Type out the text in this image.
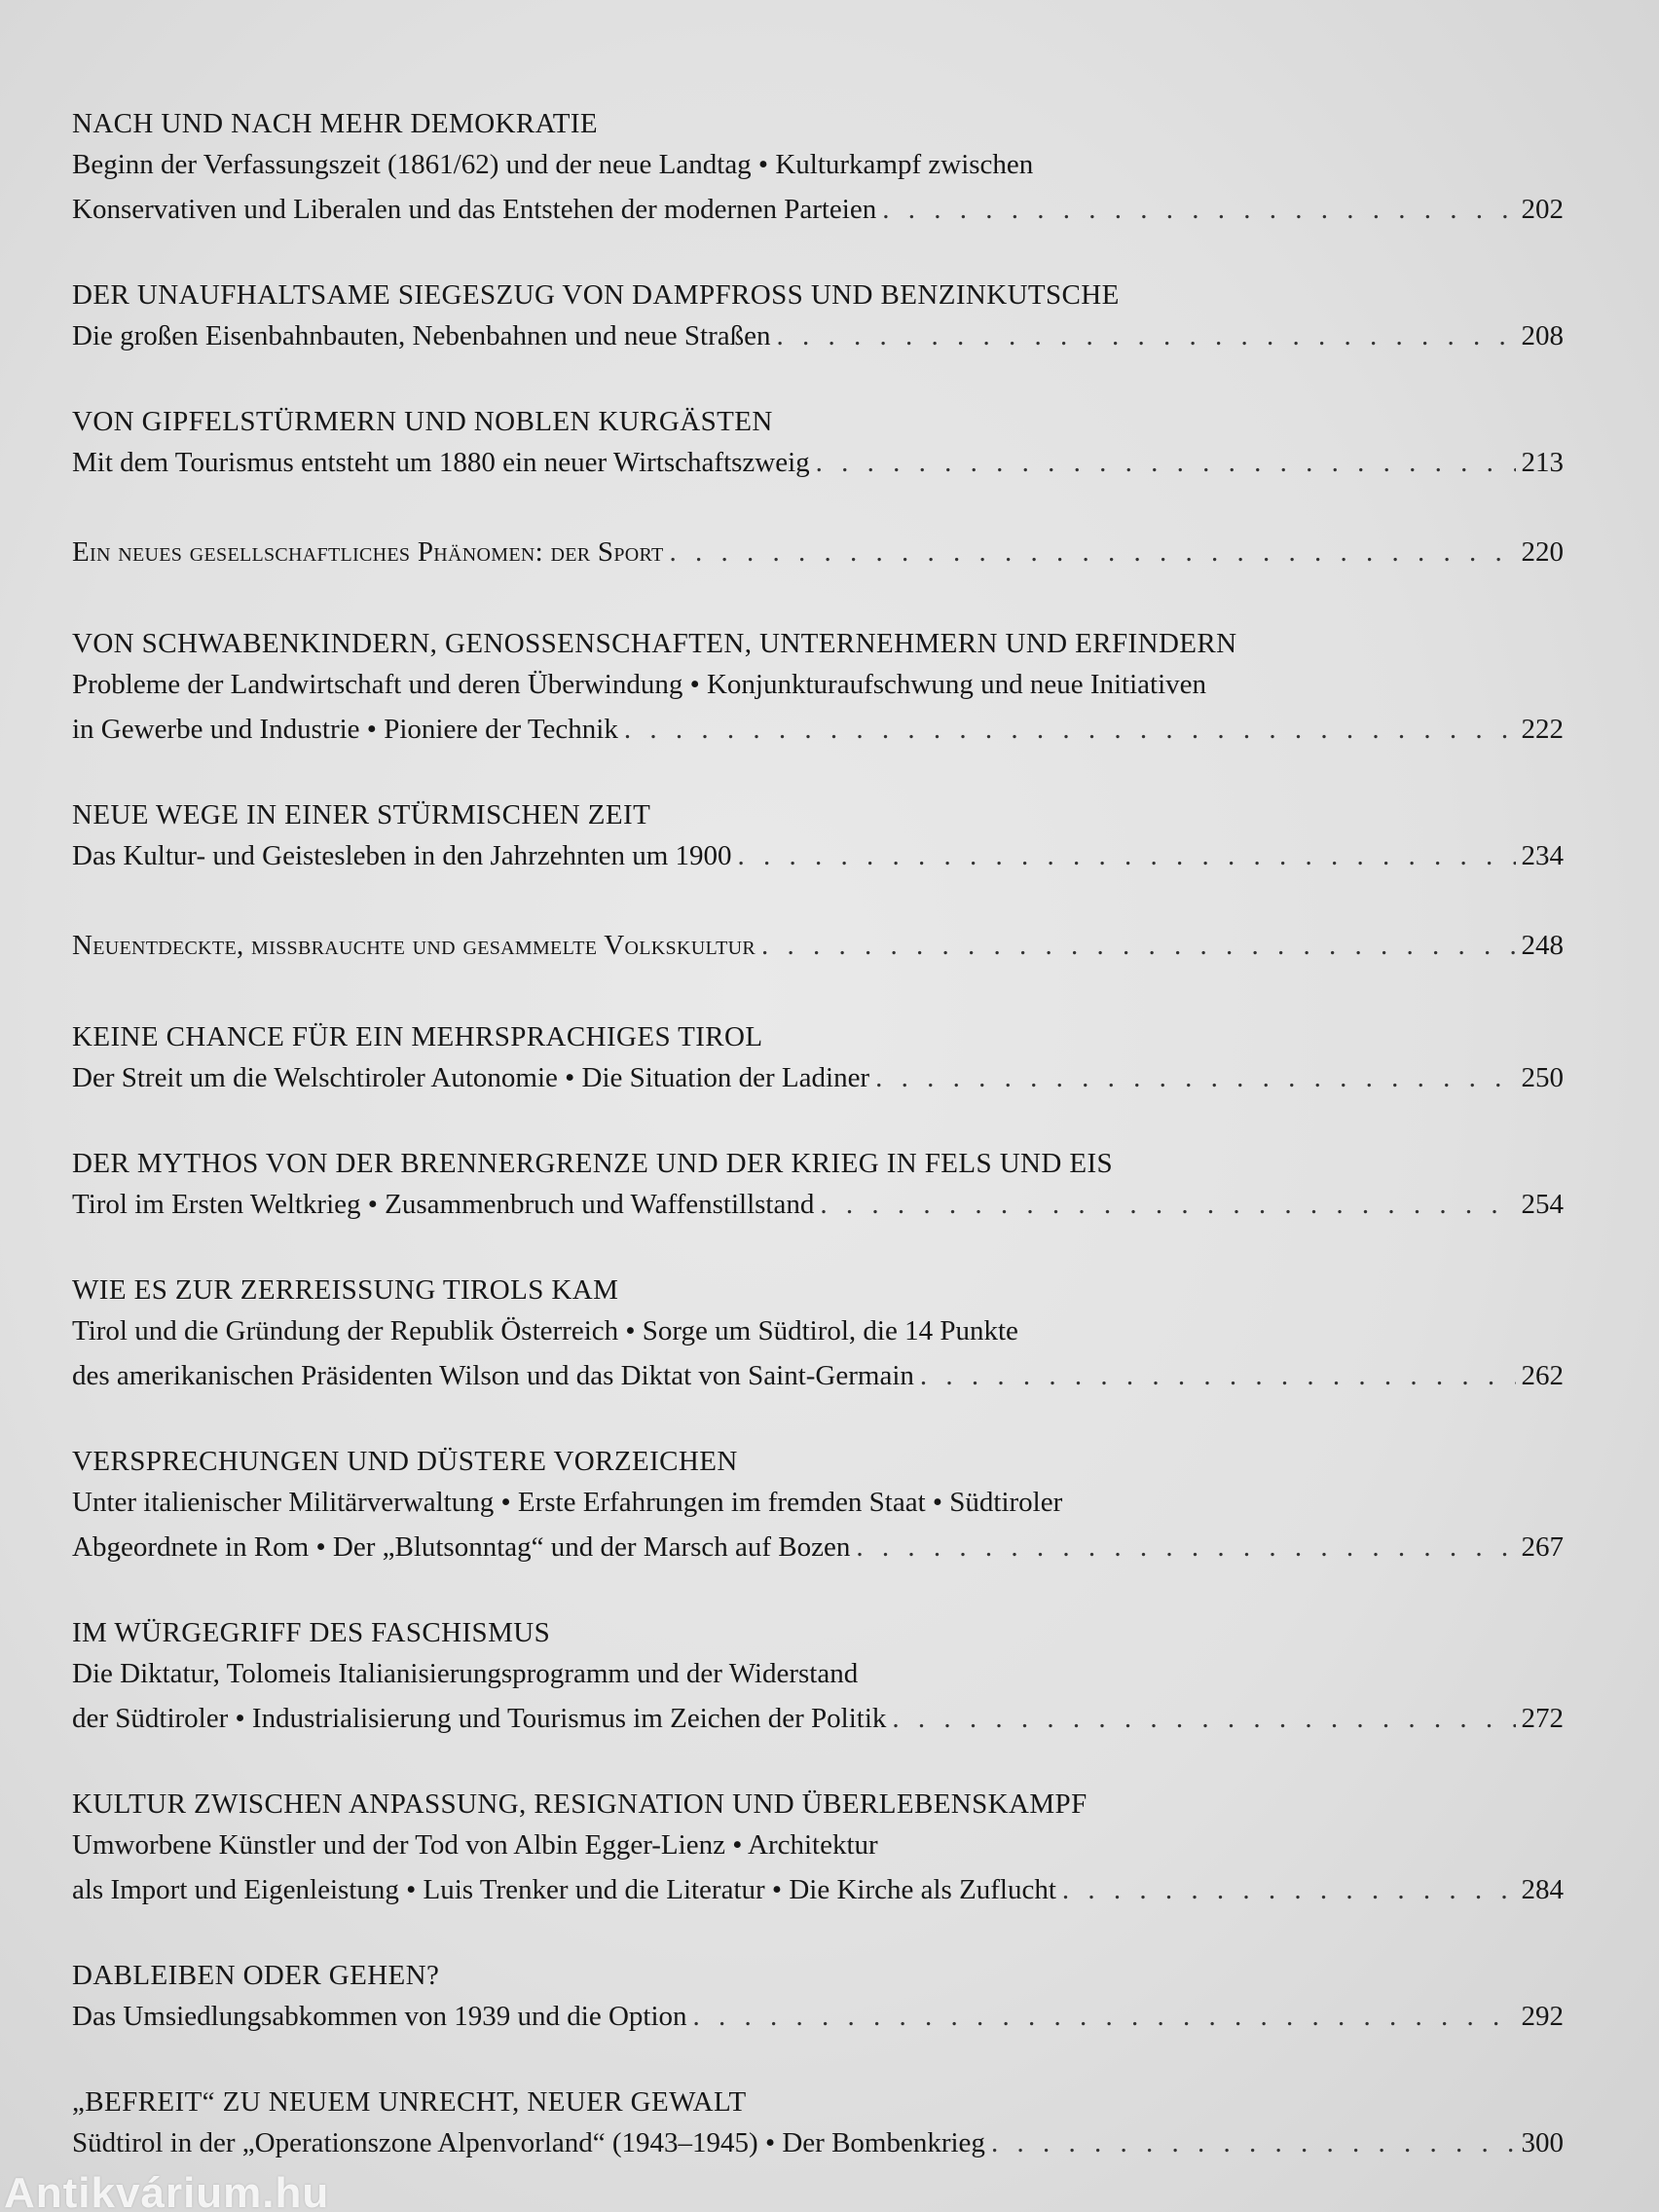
NACH UND NACH MEHR DEMOKRATIE

Beginn der Verfassungszeit (1861/62) und der neue Landtag • Kulturkampf zwischen

Konservativen und Liberalen und das Entstehen der modernen Parteien . . .	202

DER UNAUFHALTSAME SIEGESZUG VON DAMPFROSS UND BENZINKUTSCHE

Die großen Eisenbahnbauten, Nebenbahnen und neue Straßen . . .	208

VON GIPFELSTÜRMERN UND NOBLEN KURGÄSTEN

Mit dem Tourismus entsteht um 1880 ein neuer Wirtschaftszweig . . .	213
Ein neues gesellschaftliches Phänomen: der Sport . . .	220

VON SCHWABENKINDERN, GENOSSENSCHAFTEN, UNTERNEHMERN UND ERFINDERN

Probleme der Landwirtschaft und deren Überwindung • Konjunkturaufschwung und neue Initiativen

in Gewerbe und Industrie • Pioniere der Technik . . .	222

NEUE WEGE IN EINER STÜRMISCHEN ZEIT

Das Kultur- und Geistesleben in den Jahrzehnten um 1900 . . .	234
Neuentdeckte, missbrauchte und gesammelte Volkskultur . . .	248

KEINE CHANCE FÜR EIN MEHRSPRACHIGES TIROL

Der Streit um die Welschtiroler Autonomie • Die Situation der Ladiner . . .	250

DER MYTHOS VON DER BRENNERGRENZE UND DER KRIEG IN FELS UND EIS

Tirol im Ersten Weltkrieg • Zusammenbruch und Waffenstillstand . . .	254

WIE ES ZUR ZERREISSUNG TIROLS KAM

Tirol und die Gründung der Republik Österreich • Sorge um Südtirol, die 14 Punkte

des amerikanischen Präsidenten Wilson und das Diktat von Saint-Germain . . .	262

VERSPRECHUNGEN UND DÜSTERE VORZEICHEN

Unter italienischer Militärverwaltung • Erste Erfahrungen im fremden Staat • Südtiroler

Abgeordnete in Rom • Der „Blutsonntag“ und der Marsch auf Bozen . . .	267

IM WÜRGEGRIFF DES FASCHISMUS

Die Diktatur, Tolomeis Italianisierungsprogramm und der Widerstand

der Südtiroler • Industrialisierung und Tourismus im Zeichen der Politik . . .	272

KULTUR ZWISCHEN ANPASSUNG, RESIGNATION UND ÜBERLEBENSKAMPF

Umworbene Künstler und der Tod von Albin Egger-Lienz • Architektur

als Import und Eigenleistung • Luis Trenker und die Literatur • Die Kirche als Zuflucht . . .	284

DABLEIBEN ODER GEHEN?

Das Umsiedlungsabkommen von 1939 und die Option . . .	292

„BEFREIT“ ZU NEUEM UNRECHT, NEUER GEWALT

Südtirol in der „Operationszone Alpenvorland“ (1943–1945) • Der Bombenkrieg . . .	300
. . .
Antikvárium.hu
